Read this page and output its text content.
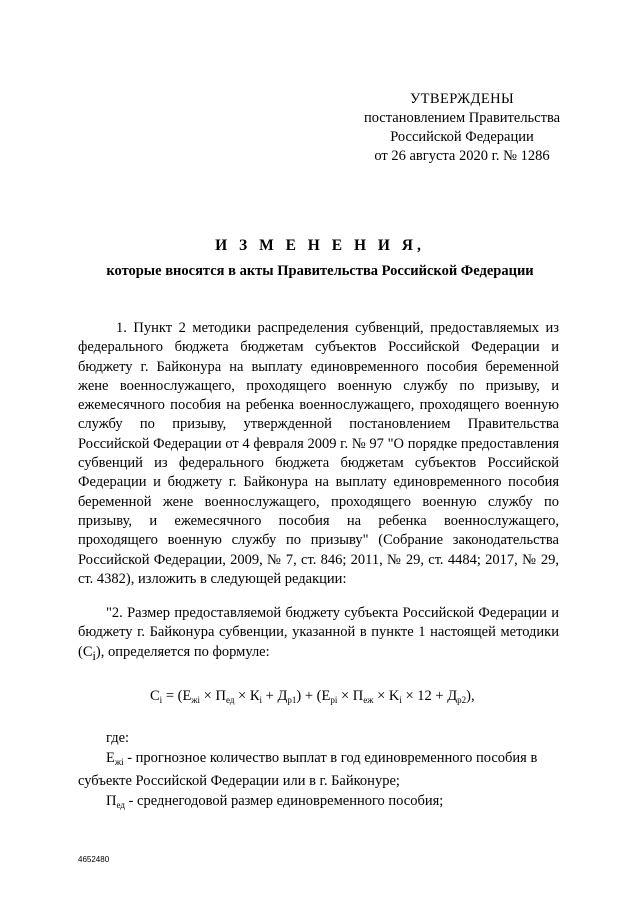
УТВЕРЖДЕНЫ
постановлением Правительства
Российской Федерации
от 26 августа 2020 г. № 1286
И З М Е Н Е Н И Я,
которые вносятся в акты Правительства Российской Федерации

1. Пункт 2 методики распределения субвенций, предоставляемых из федерального бюджета бюджетам субъектов Российской Федерации и бюджету г. Байконура на выплату единовременного пособия беременной жене военнослужащего, проходящего военную службу по призыву, и ежемесячного пособия на ребенка военнослужащего, проходящего военную службу по призыву, утвержденной постановлением Правительства Российской Федерации от 4 февраля 2009 г. № 97 "О порядке предоставления субвенций из федерального бюджета бюджетам субъектов Российской Федерации и бюджету г. Байконура на выплату единовременного пособия беременной жене военнослужащего, проходящего военную службу по призыву, и ежемесячного пособия на ребенка военнослужащего, проходящего военную службу по призыву" (Собрание законодательства Российской Федерации, 2009, № 7, ст. 846; 2011, № 29, ст. 4484; 2017, № 29, ст. 4382), изложить в следующей редакции:

"2. Размер предоставляемой бюджету субъекта Российской Федерации и бюджету г. Байконура субвенции, указанной в пункте 1 настоящей методики $(C_i)$, определяется по формуле:

$C_i = (E_{жi} \times П_{ед} \times К_i + Д_{р1}) + (E_{рi} \times П_{еж} \times K_i \times 12 + Д_{р2})$,
где:

$E_{жi}$ - прогнозное количество выплат в год единовременного пособия в субъекте Российской Федерации или в г. Байконуре;

$П_{ед}$ - среднегодовой размер единовременного пособия;

4652480
